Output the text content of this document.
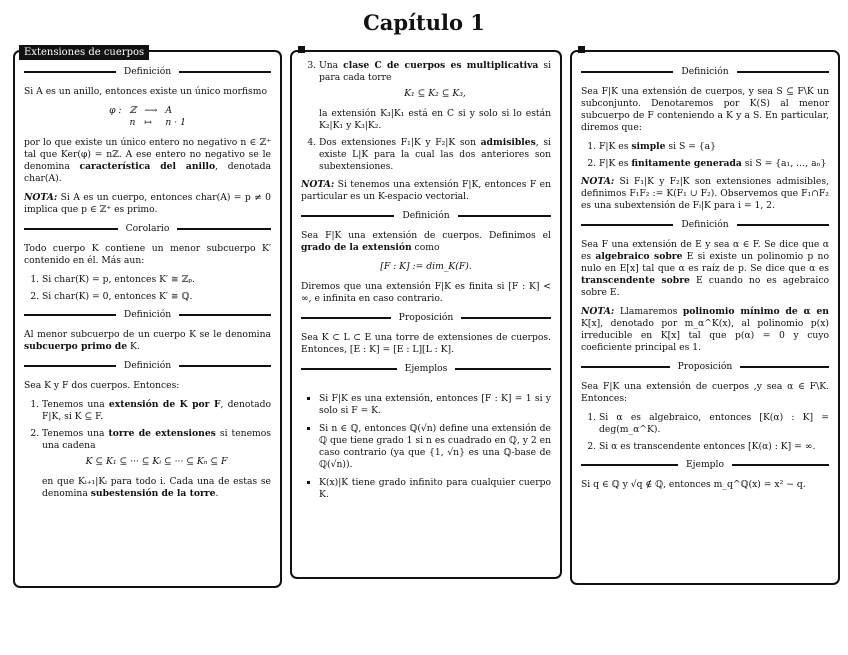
Capítulo 1
Extensiones de cuerpos
Definición

Si A es un anillo, entonces existe un único morfismo

φ : ℤ ⟶ A
n ↦	n · 1

por lo que existe un único entero no negativo n ∈ ℤ⁺ tal que Ker(φ) = nℤ. A ese entero no negativo se le denomina característica del anillo, denotada char(A).

NOTA: Si A es un cuerpo, entonces char(A) = p ≠ 0 implica que p ∈ ℤ⁺ es primo.

Corolario

Todo cuerpo K contiene un menor subcuerpo K′ contenido en él. Más aun:

1. Si char(K) = p, entonces K′ ≅ ℤₚ.
2. Si char(K) = 0, entonces K′ ≅ ℚ.
Definición

Al menor subcuerpo de un cuerpo K se le denomina subcuerpo primo de K.

Definición

Sea K y F dos cuerpos. Entonces:

1. Tenemos una extensión de K por F, denotado F|K, si K ⊆ F.
2. Tenemos una torre de extensiones si tenemos una cadena
K ⊆ K₁ ⊆ ··· ⊆ Kᵢ ⊆ ··· ⊆ Kₙ ⊆ F
en que Kᵢ₊₁|Kᵢ para todo i. Cada una de estas se denomina subestensión de la torre.
3. Una clase C de cuerpos es multiplicativa si para cada torre
K₁ ⊆ K₂ ⊆ K₃,
la extensión K₃|K₁ está en C si y solo si lo están K₂|K₁ y K₃|K₂.
4. Dos extensiones F₁|K y F₂|K son admisibles, si existe L|K para la cual las dos anteriores son subextensiones.

NOTA: Si tenemos una extensión F|K, entonces F en particular es un K-espacio vectorial.

Definición

Sea F|K una extensión de cuerpos. Definimos el grado de la extensión como

[F : K] := dim_K(F).

Diremos que una extensión F|K es finita si [F : K] < ∞, e infinita en caso contrario.

Proposición

Sea K ⊂ L ⊂ E una torre de extensiones de cuerpos. Entonces, [E : K] = [E : L][L : K].

Ejemplos
▪ Si F|K es una extensión, entonces [F : K] = 1 si y solo si F = K.
▪ Si n ∈ ℚ, entonces ℚ(√n) define una extensión de ℚ que tiene grado 1 si n es cuadrado en ℚ, y 2 en caso contrario (ya que {1, √n} es una ℚ-base de ℚ(√n)).
▪ K(x)|K tiene grado infinito para cualquier cuerpo K.
Definición

Sea F|K una extensión de cuerpos, y sea S ⊆ F\K un subconjunto. Denotaremos por K(S) al menor subcuerpo de F conteniendo a K y a S. En particular, diremos que:

1. F|K es simple si S = {a}
2. F|K es finitamente generada si S = {a₁, …, aₙ}

NOTA: Si F₁|K y F₂|K son extensiones admisibles, definimos F₁F₂ := K(F₁ ∪ F₂). Observemos que F₁∩F₂ es una subextensión de Fᵢ|K para i = 1, 2.

Definición

Sea F una extensión de E y sea α ∈ F. Se dice que α es algebraico sobre E si existe un polinomio p no nulo en E[x] tal que α es raíz de p. Se dice que α es transcendente sobre E cuando no es agebraico sobre E.

NOTA: Llamaremos polinomio mínimo de α en K[x], denotado por m_α^K(x), al polinomio p(x) irreducible en K[x] tal que p(α) = 0 y cuyo coeficiente principal es 1.

Proposición

Sea F|K una extensión de cuerpos ,y sea α ∈ F\K. Entonces:

1. Si α es algebraico, entonces [K(α) : K] = deg(m_α^K).
2. Si α es transcendente entonces [K(α) : K] = ∞.
Ejemplo

Si q ∈ ℚ y √q ∉ ℚ, entonces m_q^ℚ(x) = x² − q.
